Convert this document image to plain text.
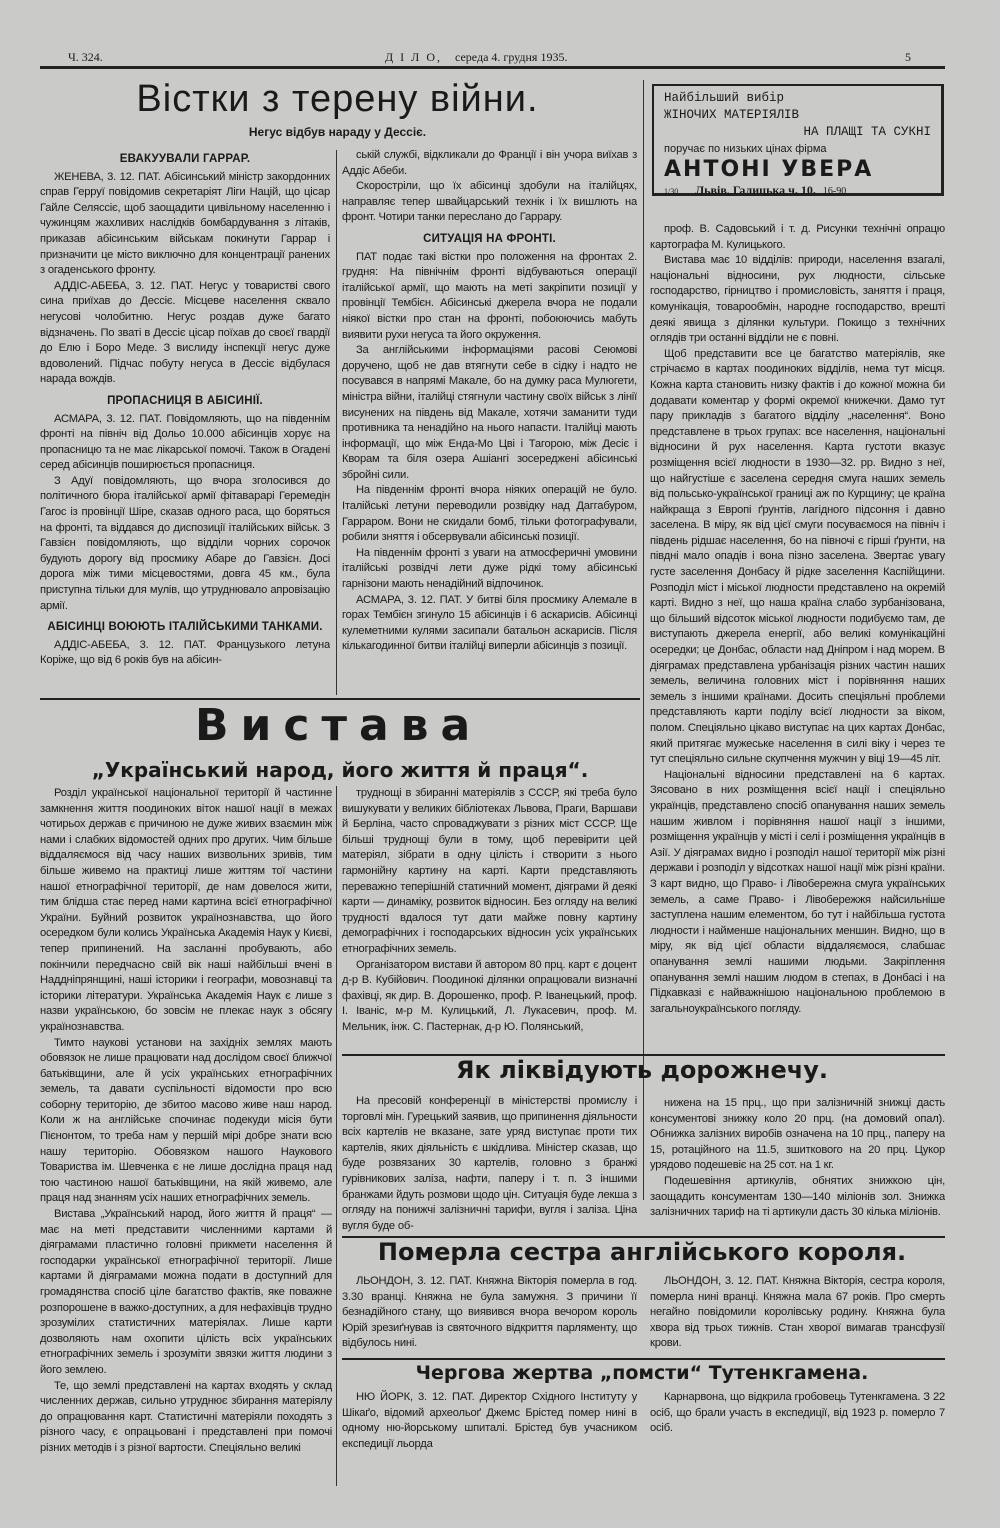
Ч. 324.	Д І Л О, середа 4. грудня 1935.	5
Вістки з терену війни.
Негус відбув нараду у Дессіє.
ЕВАКУУВАЛИ ГАРРАР.

ЖЕНЕВА, 3. 12. ПАТ. Абісинський міністр закордонних справ Герруї повідомив секретаріят Ліги Націй, що цісар Гайле Селяссіє, щоб заощадити цивільному населенню і чужинцям жахливих наслідків бомбардування з літаків, приказав абісинським військам покинути Гаррар і призначити це місто виключно для концентрації ранених з огаденського фронту.

АДДІС-АБЕБА, 3. 12. ПАТ. Негус у товаристві свого сина приїхав до Дессіє. Місцеве населення сквало негусові чолобитню. Негус роздав дуже багато відзначень. По зваті в Дессіє цісар поїхав до своєї гвардії до Елю і Боро Меде. З вислиду інспекції негус дуже вдоволений. Підчас побуту негуса в Дессіє відбулася нарада вождів.

ПРОПАСНИЦЯ В АБІСИНІЇ.

АСМАРА, 3. 12. ПАТ. Повідомляють, що на південнім фронті на північ від Дольо 10.000 абісинців хорує на пропасницю та не має лікарської помочі. Також в Огадені серед абісинців поширюється пропасниця.

З Адуї повідомляють, що вчора зголосився до політичного бюра італійської армії фітаварарі Геремедін Гагос із провінції Шіре, сказав одного раса, що боряться на фронті, та віддався до диспозиції італійських військ. З Гавзієн повідомляють, що відділи чорних сорочок будують дорогу від просмику Абаре до Гавзієн. Досі дорога між тими місцевостями, довга 45 км., була приступна тільки для мулів, що утруднювало апровізацію армії.

АБІСИНЦІ ВОЮЮТЬ ІТАЛІЙСЬКИМИ ТАНКАМИ.

АДДІС-АБЕБА, 3. 12. ПАТ. Французького летуна Коріже, що від 6 років був на абісин-

ській службі, відкликали до Франції і він учора виїхав з Аддіс Абеби.

Скоростріли, що їх абісинці здобули на італійцях, направляє тепер швайцарський технік і їх вишлють на фронт. Чотири танки переслано до Гаррару.

СИТУАЦІЯ НА ФРОНТІ.

ПАТ подає такі вістки про положення на фронтах 2. грудня: На північнім фронті відбуваються операції італійської армії, що мають на меті закріпити позиції у провінції Тембієн. Абісинські джерела вчора не подали ніякої вістки про стан на фронті, побоюючись мабуть виявити рухи негуса та його окруження.

За англійськими інформаціями расові Сеюмові доручено, щоб не дав втягнути себе в сідку і надто не посувався в напрямі Макале, бо на думку раса Мулюгети, міністра війни, італійці стягнули частину своїх військ з лінії висунених на південь від Макале, хотячи заманити туди противника та ненадійно на нього напасти. Італійці мають інформації, що між Енда-Мо Цві і Тагорою, між Десіє і Кворам та біля озера Ашіангі зосереджені абісинські збройні сили.

На південнім фронті вчора ніяких операцій не було. Італійські летуни переводили розвідку над Даггабуром, Гарраром. Вони не скидали бомб, тільки фотографували, робили зняття і обсервували абісинські позиції.

На південнім фронті з уваги на атмосферичні умовини італійські розвідчі лети дуже рідкі тому абісинські гарнізони мають ненадійний відпочинок.

АСМАРА, 3. 12. ПАТ. У битві біля просмику Алемале в горах Тембієн згинуло 15 абісинців і 6 аскарисів. Абісинці кулеметними кулями засипали батальон аскарисів. Після кількагодинної битви італійці виперли абісинців з позиції.

Найбільший вибір
ЖІНОЧИХ МАТЕРІЯЛІВ
НА ПЛАЩІ ТА СУКНІ
поручає по низьких цінах фірма
АНТОНІ УВЕРА
1/30 Львів, Галицька ч. 10. 16-90

проф. В. Садовський і т. д. Рисунки технічні опрацю картографа М. Кулицького.

Вистава має 10 відділів: природи, населення взагалі, національні відносини, рух людности, сільське господарство, гірництво і промисловість, заняття і праця, комунікація, товарообмін, народне господарство, врешті деякі явища з ділянки культури. Покищо з технічних оглядів три останні відділи не є повні.

Щоб представити все це багатство матеріялів, яке стрічаємо в картах поодиноких відділів, нема тут місця. Кожна карта становить низку фактів і до кожної можна би додавати коментар у формі окремої книжечки. Дамо тут пару прикладів з багатого відділу „населення“. Воно представлене в трьох групах: все населення, національні відносини й рух населення. Карта густоти вказує розміщення всієї людности в 1930—32. рр. Видно з неї, що найгустіше є заселена середня смуга наших земель від польсько-української границі аж по Курщину; це країна найкраща з Европі ґрунтів, лагідного підсоння і давно заселена. В міру, як від цієї смуги посуваємося на північ і південь рідшає населення, бо на півночі є гірші ґрунти, на півдні мало опадів і вона пізно заселена. Звертає увагу густе заселення Донбасу й рідке заселення Каспійщини. Розподіл міст і міської людности представлено на окремій карті. Видно з неї, що наша країна слабо зурбанізована, що більший відсоток міської людности подибуємо там, де виступають джерела енергії, або великі комунікаційні осередки; це Донбас, области над Дніпром і над морем. В діяграмах представлена урбанізація різних частин наших земель, величина головних міст і порівняння наших земель з іншими країнами. Досить спеціяльні проблеми представляють карти поділу всієї людности за віком, полом. Спеціяльно цікаво виступає на цих картах Донбас, який притягає мужеське населення в силі віку і через те тут спеціяльно сильне скупчення мужчин у віці 19—45 літ.

Національні відносини представлені на 6 картах. Зясовано в них розміщення всієї нації і спеціяльно українців, представлено спосіб опанування наших земель нашим живлом і порівняння нашої нації з іншими, розміщення українців у місті і селі і розміщення українців в Азії. У діяграмах видно і розподіл нашої території між різні держави і розподіл у відсотках нашої нації між різні країни. З карт видно, що Право- і Лівобережна смуга українських земель, а саме Право- і Лівобережжя найсильніше заступлена нашим елементом, бо тут і найбільша густота людности і найменше національних меншин. Видно, що в міру, як від цієї области віддаляємося, слабшає опанування землі нашими людьми. Закріплення опанування землі нашим людом в степах, в Донбасі і на Підкавказі є найважнішою національною проблемою в загальноукраїнського погляду.

Вистава
„Український народ, його життя й праця“.

Розділ української національної території й частинне замкнення життя поодиноких віток нашої нації в межах чотирьох держав є причиною не дуже живих взаємин між нами і слабких відомостей одних про других. Чим більше віддаляємося від часу наших визвольних зривів, тим більше живемо на практиці лише життям тої частини нашої етнографічної території, де нам довелося жити, тим блідша стає перед нами картина всієї етнографічної України. Буйний розвиток українознавства, що його осередком були колись Українська Академія Наук у Києві, тепер припинений. На засланні пробувають, або покінчили передчасно свій вік наші найбільші вчені в Наддніпрянщині, наші історики і географи, мовознавці та історики літератури. Українська Академія Наук є лише з назви українською, бо зовсім не плекає наук з обсягу українознавства.

Тимто наукові установи на західніх землях мають обовязок не лише працювати над дослідом своєї ближчої батьківщини, але й усіх українських етнографічних земель, та давати суспільності відомости про всю соборну територію, де збитоо масово живе наш народ. Коли ж на англійське спочинає подекуди місія бути Пієнонтом, то треба нам у першій мірі добре знати всю нашу територію. Обовязком нашого Наукового Товариства ім. Шевченка є не лише дослідна праця над тою частиною нашої батьківщини, на якій живемо, але праця над знанням усіх наших етнографічних земель.

Вистава „Український народ, його життя й праця“ — має на меті представити численними картами й діяграмами пластично головні прикмети населення й господарки української етнографічної території. Лише картами й діяграмами можна подати в доступний для громадянства спосіб ціле багатство фактів, яке поважне розпорошене в важко-доступних, а для нефахівців трудно зрозумілих статистичних матеріялах. Лише карти дозволяють нам охопити цілість всіх українських етнографічних земель і зрозуміти звязки життя людини з його землею.

Те, що землі представлені на картах входять у склад численних держав, сильно утруднює збирання матеріялу до опрацювання карт. Статистичні матеріяли походять з різного часу, є опрацьовані і представлені при помочі різних методів і з різної вартости. Спеціяльно великі

труднощі в збиранні матеріялів з СССР, які треба було вишукувати у великих бібліотеках Львова, Праги, Варшави й Берліна, часто спроваджувати з різних міст СССР. Ще більші труднощі були в тому, щоб перевірити цей матеріял, зібрати в одну цілість і створити з нього гармонійну картину на карті. Карти представляють переважно теперішній статичний момент, діяграми й деякі карти — динаміку, розвиток відносин. Без огляду на великі трудності вдалося тут дати майже повну картину демографічних і господарських відносин усіх українських етнографічних земель.

Організатором вистави й автором 80 прц. карт є доцент д-р В. Кубійович. Поодинокі ділянки опрацювали визначні фахівці, як дир. В. Дорошенко, проф. Р. Іванецький, проф. І. Іваніс, м-р М. Кулицький, Л. Лукасевич, проф. М. Мельник, інж. С. Пастернак, д-р Ю. Полянський,

Як ліквідують дорожнечу.

На пресовій конференції в міністерстві промислу і торговлі мін. Гурецький заявив, що припинення діяльности всіх картелів не вказане, зате уряд виступає проти тих картелів, яких діяльність є шкідлива. Міністер сказав, що буде розвязаних 30 картелів, головно з бранжі гурівникових заліза, нафти, паперу і т. п. З іншими бранжами йдуть розмови щодо цін. Ситуація буде лекша з огляду на понижчі залізничні тарифи, вугля і заліза. Ціна вугля буде об-

нижена на 15 прц., що при залізничній знижці дасть консументові знижку коло 20 прц. (на домовий опал). Обнижка залізних виробів означена на 10 прц., паперу на 15, ротаційного на 11.5, зшиткового на 20 прц. Цукор урядово подешевіє на 25 сот. на 1 кг.

Подешевіння артикулів, обнятих знижкою цін, заощадить консументам 130—140 міліонів зол. Знижка залізничних тариф на ті артикули дасть 30 кілька міліонів.

Померла сестра англійського короля.

ЛЬОНДОН, 3. 12. ПАТ. Княжна Вікторія померла в год. 3.30 вранці. Княжна не була замужня. З причини її безнадійного стану, що виявився вчора вечором король Юрій зрезиґнував із святочного відкриття парляменту, що відбулось нині.

ЛЬОНДОН, 3. 12. ПАТ. Княжна Вікторія, сестра короля, померла нині вранці. Княжна мала 67 років. Про смерть негайно повідомили королівську родину. Княжна була хвора від трьох тижнів. Стан хворої вимагав трансфузії крови.

Чергова жертва „помсти“ Тутенкгамена.

НЮ ЙОРК, 3. 12. ПАТ. Директор Східного Інституту у Шікаґо, відомий археольоґ Джемс Брістед помер нині в одному ню-йорському шпиталі. Брістед був учасником експедиції льорда

Карнарвона, що відкрила гробовець Тутенкгамена. З 22 осіб, що брали участь в експедиції, від 1923 р. померло 7 осіб.
